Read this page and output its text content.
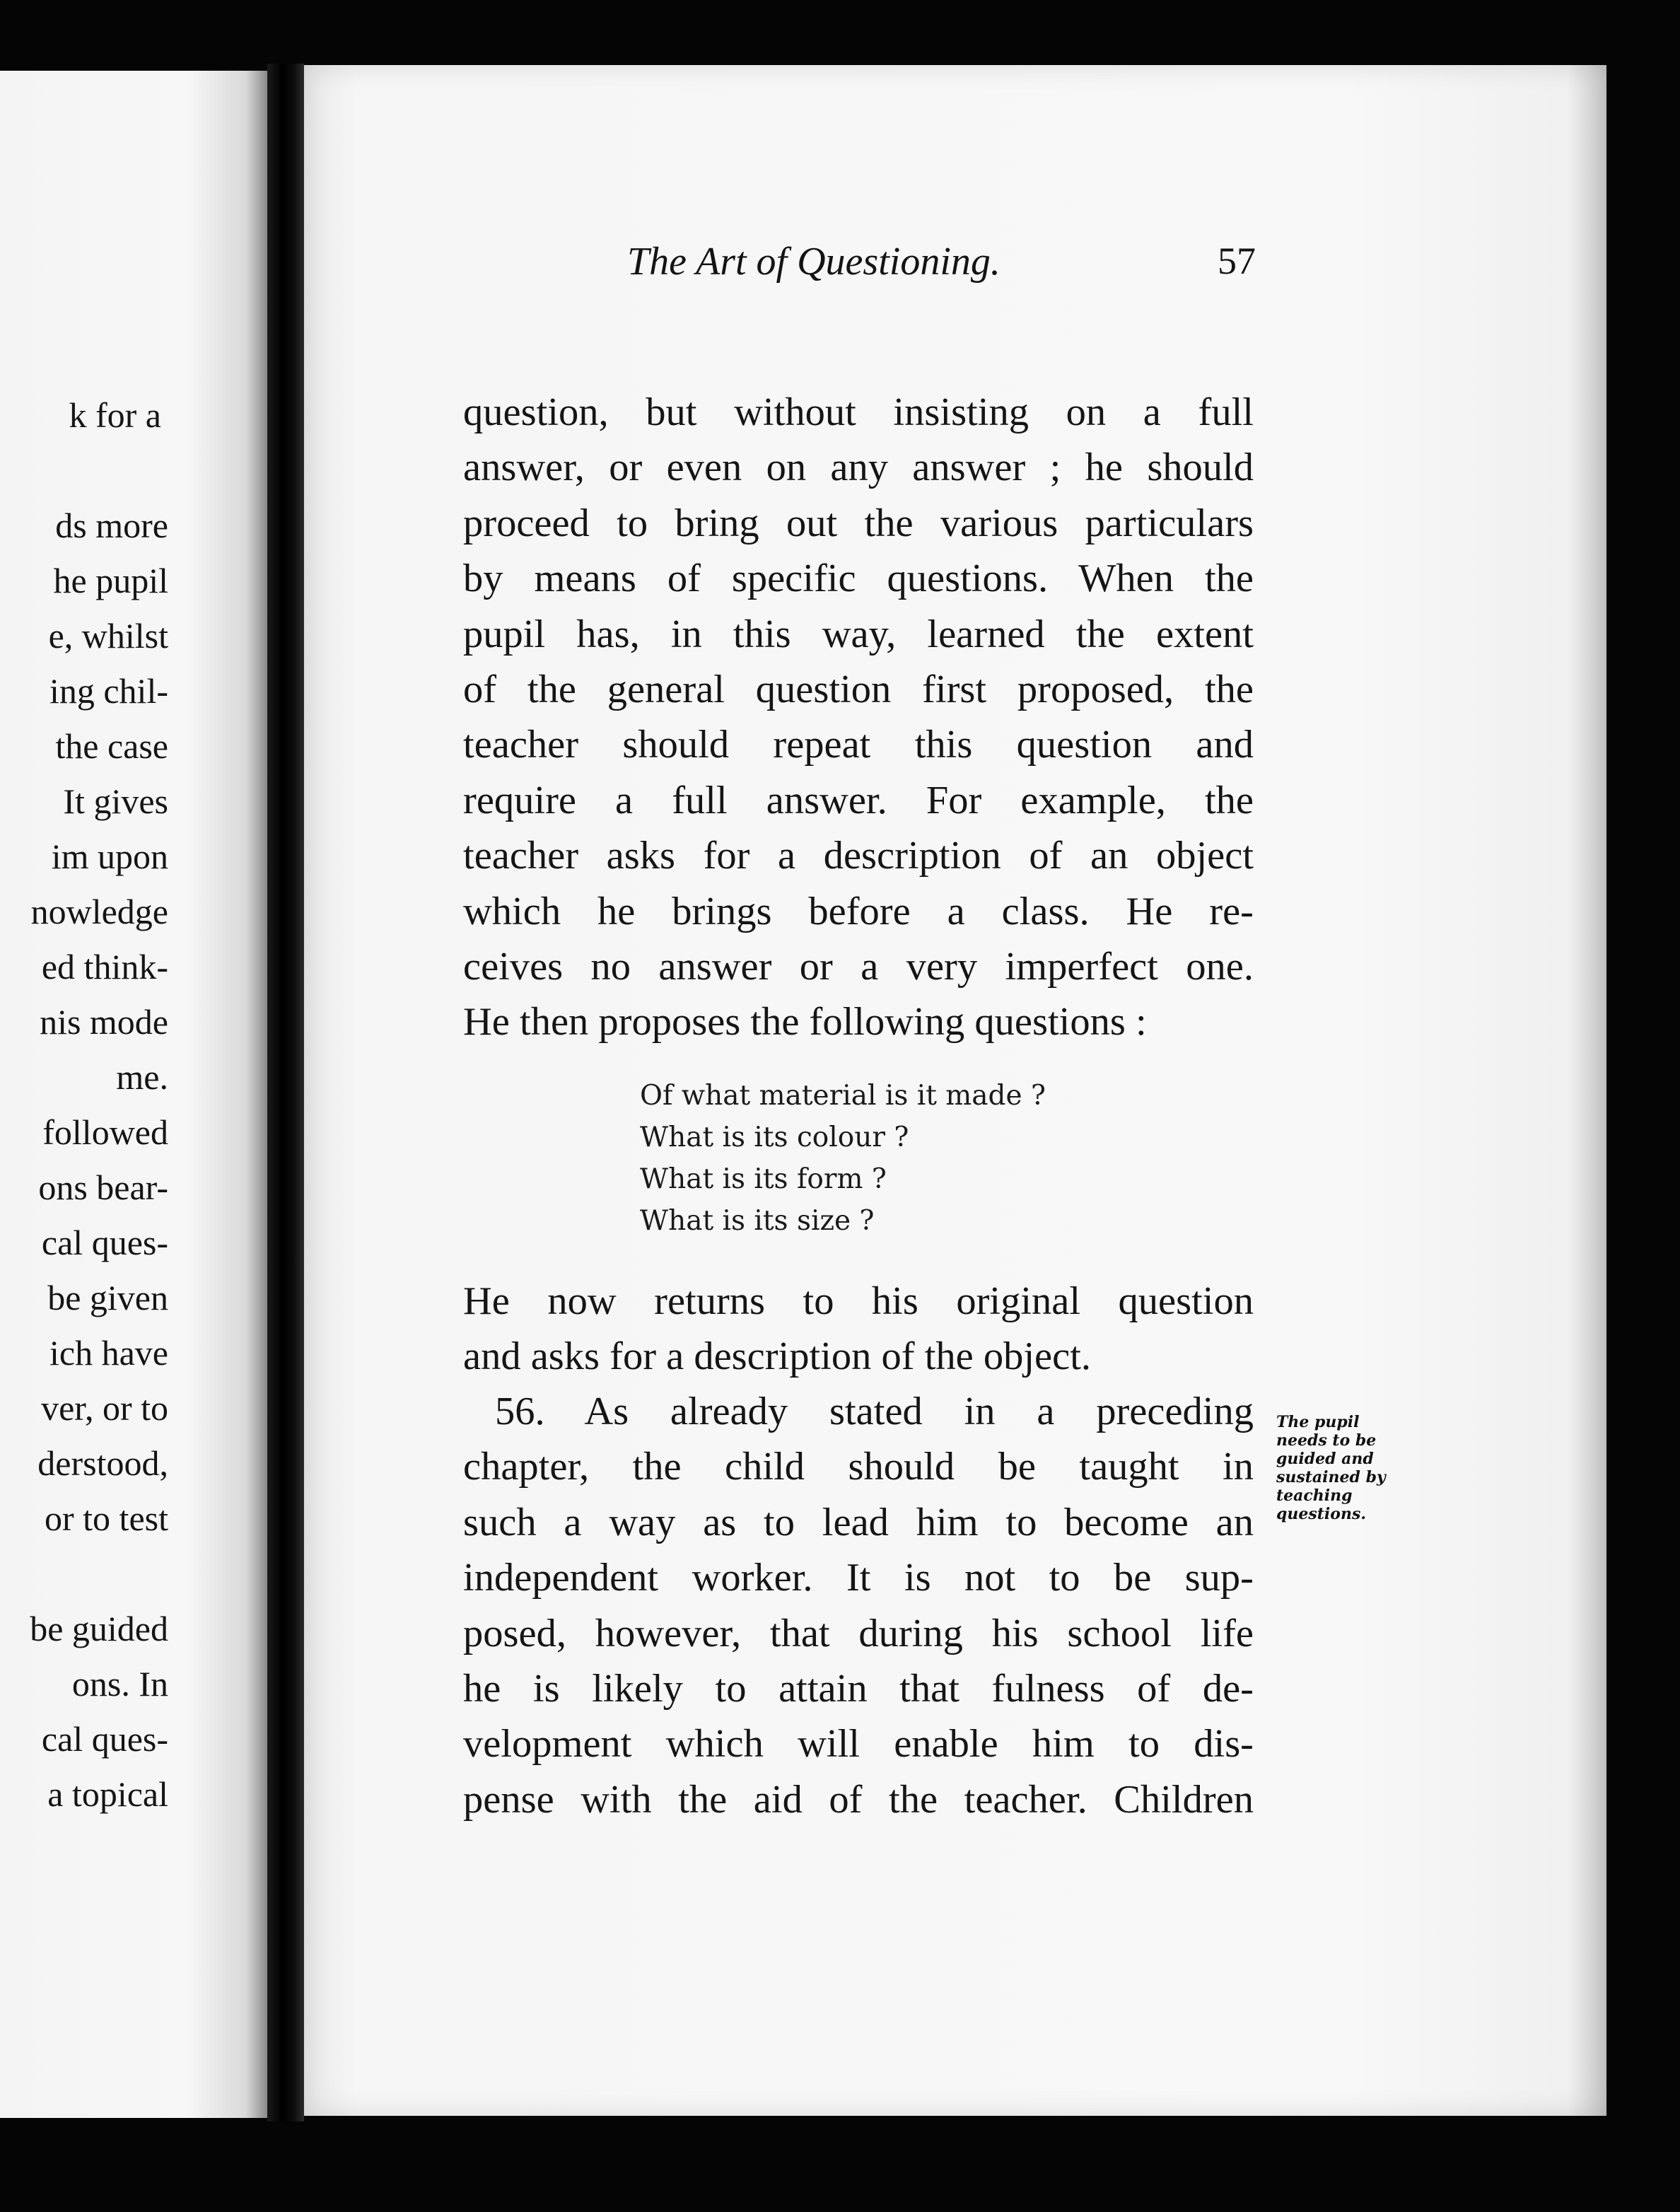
k for a
ds more
he pupil
e, whilst
ing chil-
the case
It gives
im upon
nowledge
ed think-
nis mode
me.
followed
ons bear-
cal ques-
be given
ich have
ver, or to
derstood,
or to test
be guided
ons. In
cal ques-
a topical
The Art of Questioning.	57
question, but without insisting on a full
answer, or even on any answer ; he should
proceed to bring out the various particulars
by means of specific questions. When the
pupil has, in this way, learned the extent
of the general question first proposed, the
teacher should repeat this question and
require a full answer. For example, the
teacher asks for a description of an object
which he brings before a class. He re-
ceives no answer or a very imperfect one.
He then proposes the following questions :
Of what material is it made ?
What is its colour ?
What is its form ?
What is its size ?
He now returns to his original question
and asks for a description of the object.
56. As already stated in a preceding
chapter, the child should be taught in
such a way as to lead him to become an
independent worker. It is not to be sup-
posed, however, that during his school life
he is likely to attain that fulness of de-
velopment which will enable him to dis-
pense with the aid of the teacher. Children
The pupil
needs to be
guided and
sustained by
teaching
questions.
